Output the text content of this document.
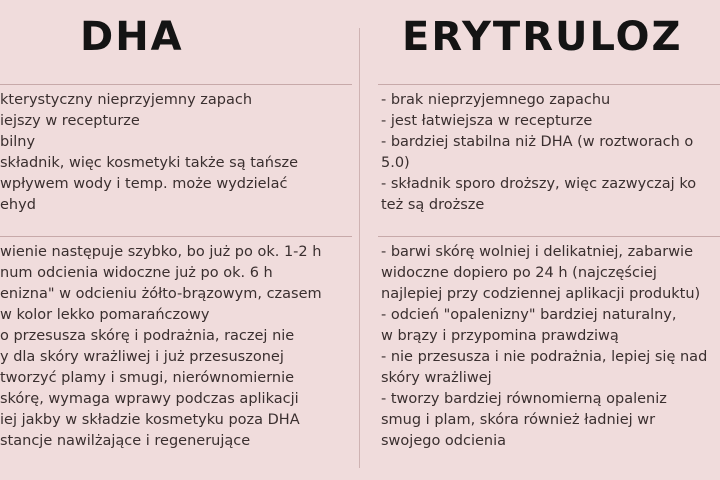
DHA	ERYTRULOZ
kterystyczny nieprzyjemny zapach
iejszy w recepturze
bilny
składnik, więc kosmetyki także są tańsze
wpływem wody i temp. może wydzielać
ehyd
wienie następuje szybko, bo już po ok. 1-2 h
num odcienia widoczne już po ok. 6 h
enizna" w odcieniu żółto-brązowym, czasem
w kolor lekko pomarańczowy
o przesusza skórę i podrażnia, raczej nie
y dla skóry wrażliwej i już przesuszonej
tworzyć plamy i smugi, nierównomiernie
skórę, wymaga wprawy podczas aplikacji
iej jakby w składzie kosmetyku poza DHA
stancje nawilżające i regenerujące
- brak nieprzyjemnego zapachu
- jest łatwiejsza w recepturze
- bardziej stabilna niż DHA (w roztworach o
5.0)
- składnik sporo droższy, więc zazwyczaj ko
też są droższe
- barwi skórę wolniej i delikatniej, zabarwie
widoczne dopiero po 24 h (najczęściej
najlepiej przy codziennej aplikacji produktu)
- odcień "opalenizny" bardziej naturalny,
w brązy i przypomina prawdziwą
- nie przesusza i nie podrażnia, lepiej się nad
skóry wrażliwej
- tworzy bardziej równomierną opaleniz
smug i plam, skóra również ładniej wr
swojego odcienia
